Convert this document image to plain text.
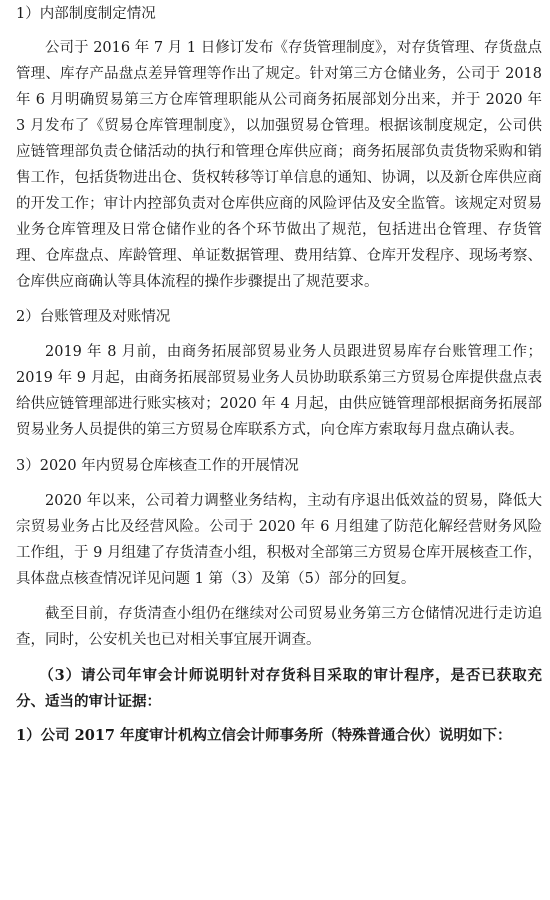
1）内部制度制定情况

公司于 2016 年 7 月 1 日修订发布《存货管理制度》，对存货管理、存货盘点管理、库存产品盘点差异管理等作出了规定。针对第三方仓储业务，公司于 2018 年 6 月明确贸易第三方仓库管理职能从公司商务拓展部划分出来，并于 2020 年 3 月发布了《贸易仓库管理制度》，以加强贸易仓管理。根据该制度规定，公司供应链管理部负责仓储活动的执行和管理仓库供应商；商务拓展部负责货物采购和销售工作，包括货物进出仓、货权转移等订单信息的通知、协调，以及新仓库供应商的开发工作；审计内控部负责对仓库供应商的风险评估及安全监管。该规定对贸易业务仓库管理及日常仓储作业的各个环节做出了规范，包括进出仓管理、存货管理、仓库盘点、库龄管理、单证数据管理、费用结算、仓库开发程序、现场考察、仓库供应商确认等具体流程的操作步骤提出了规范要求。

2）台账管理及对账情况

2019 年 8 月前，由商务拓展部贸易业务人员跟进贸易库存台账管理工作；2019 年 9 月起，由商务拓展部贸易业务人员协助联系第三方贸易仓库提供盘点表给供应链管理部进行账实核对；2020 年 4 月起，由供应链管理部根据商务拓展部贸易业务人员提供的第三方贸易仓库联系方式，向仓库方索取每月盘点确认表。

3）2020 年内贸易仓库核查工作的开展情况

2020 年以来，公司着力调整业务结构，主动有序退出低效益的贸易，降低大宗贸易业务占比及经营风险。公司于 2020 年 6 月组建了防范化解经营财务风险工作组，于 9 月组建了存货清查小组，积极对全部第三方贸易仓库开展核查工作，具体盘点核查情况详见问题 1 第（3）及第（5）部分的回复。

截至目前，存货清查小组仍在继续对公司贸易业务第三方仓储情况进行走访追查，同时，公安机关也已对相关事宜展开调查。

（3）请公司年审会计师说明针对存货科目采取的审计程序，是否已获取充分、适当的审计证据：

1）公司 2017 年度审计机构立信会计师事务所（特殊普通合伙）说明如下：
